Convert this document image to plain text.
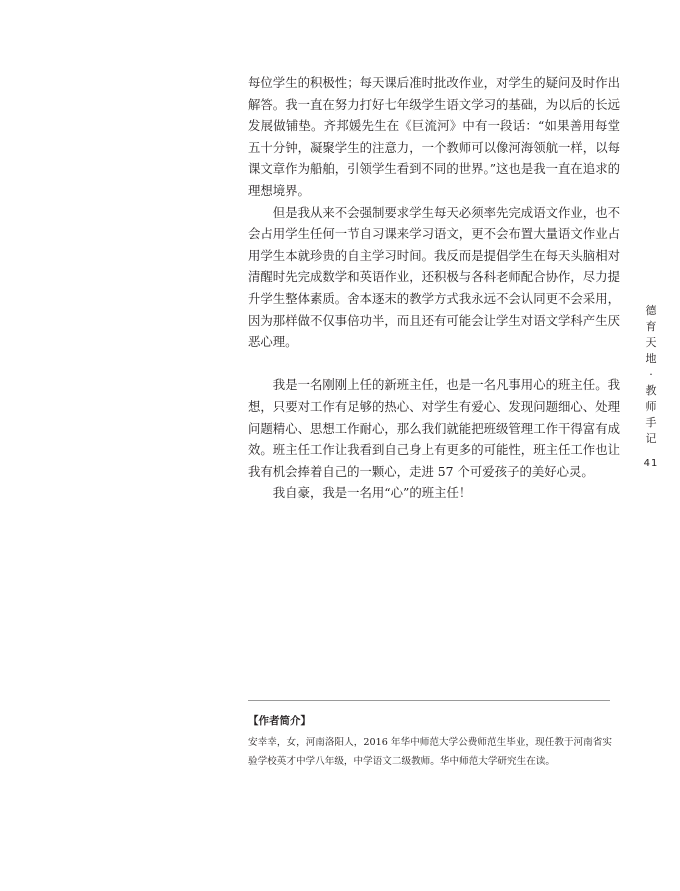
每位学生的积极性；每天课后准时批改作业，对学生的疑问及时作出解答。我一直在努力打好七年级学生语文学习的基础，为以后的长远发展做铺垫。齐邦媛先生在《巨流河》中有一段话：“如果善用每堂五十分钟，凝聚学生的注意力，一个教师可以像河海领航一样，以每课文章作为船舶，引领学生看到不同的世界。”这也是我一直在追求的理想境界。

但是我从来不会强制要求学生每天必须率先完成语文作业，也不会占用学生任何一节自习课来学习语文，更不会布置大量语文作业占用学生本就珍贵的自主学习时间。我反而是提倡学生在每天头脑相对清醒时先完成数学和英语作业，还积极与各科老师配合协作，尽力提升学生整体素质。舍本逐末的教学方式我永远不会认同更不会采用，因为那样做不仅事倍功半，而且还有可能会让学生对语文学科产生厌恶心理。

我是一名刚刚上任的新班主任，也是一名凡事用心的班主任。我想，只要对工作有足够的热心、对学生有爱心、发现问题细心、处理问题精心、思想工作耐心，那么我们就能把班级管理工作干得富有成效。班主任工作让我看到自己身上有更多的可能性，班主任工作也让我有机会捧着自己的一颗心，走进 57 个可爱孩子的美好心灵。

我自豪，我是一名用“心”的班主任！

德
育
天
地
·
教
师
手
记
41
【作者简介】
安幸幸，女，河南洛阳人，2016 年华中师范大学公费师范生毕业，现任教于河南省实验学校英才中学八年级，中学语文二级教师。华中师范大学研究生在读。
